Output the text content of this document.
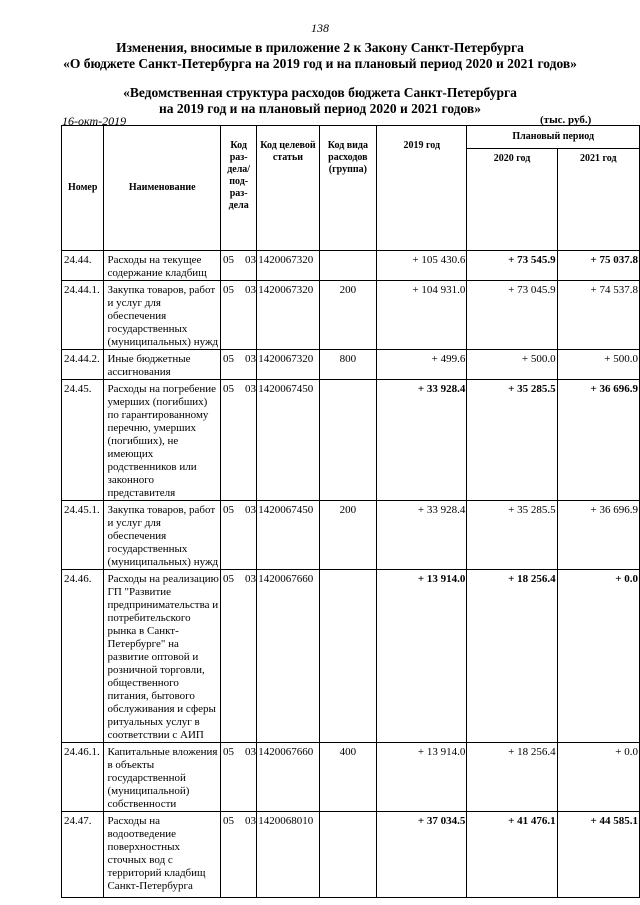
138
Изменения, вносимые в приложение 2 к Закону Санкт-Петербурга
«О бюджете Санкт-Петербурга на 2019 год и на плановый период 2020 и 2021 годов»
«Ведомственная структура расходов бюджета Санкт-Петербурга
на 2019 год и на плановый период 2020 и 2021 годов»
16-окт-2019	(тыс. руб.)
Номер	Наименование	Код раз-дела/ под-раз-дела	Код целевой статьи	Код вида расходов (группа)	2019 год	Плановый период	
						2020 год	2021 год
24.44.	Расходы на текущее содержание кладбищ	05 03	1420067320		+ 105 430.6	+ 73 545.9	+ 75 037.8
24.44.1.	Закупка товаров, работ и услуг для обеспечения государственных (муниципальных) нужд	05 03	1420067320	200	+ 104 931.0	+ 73 045.9	+ 74 537.8
24.44.2.	Иные бюджетные ассигнования	05 03	1420067320	800	+ 499.6	+ 500.0	+ 500.0
24.45.	Расходы на погребение умерших (погибших) по гарантированному перечню, умерших (погибших), не имеющих родственников или законного представителя	05 03	1420067450		+ 33 928.4	+ 35 285.5	+ 36 696.9
24.45.1.	Закупка товаров, работ и услуг для обеспечения государственных (муниципальных) нужд	05 03	1420067450	200	+ 33 928.4	+ 35 285.5	+ 36 696.9
24.46.	Расходы на реализацию ГП "Развитие предпринимательства и потребительского рынка в Санкт-Петербурге" на развитие оптовой и розничной торговли, общественного питания, бытового обслуживания и сферы ритуальных услуг в соответствии с АИП	05 03	1420067660		+ 13 914.0	+ 18 256.4	+ 0.0
24.46.1.	Капитальные вложения в объекты государственной (муниципальной) собственности	05 03	1420067660	400	+ 13 914.0	+ 18 256.4	+ 0.0
24.47.	Расходы на водоотведение поверхностных сточных вод с территорий кладбищ Санкт-Петербурга	05 03	1420068010		+ 37 034.5	+ 41 476.1	+ 44 585.1
